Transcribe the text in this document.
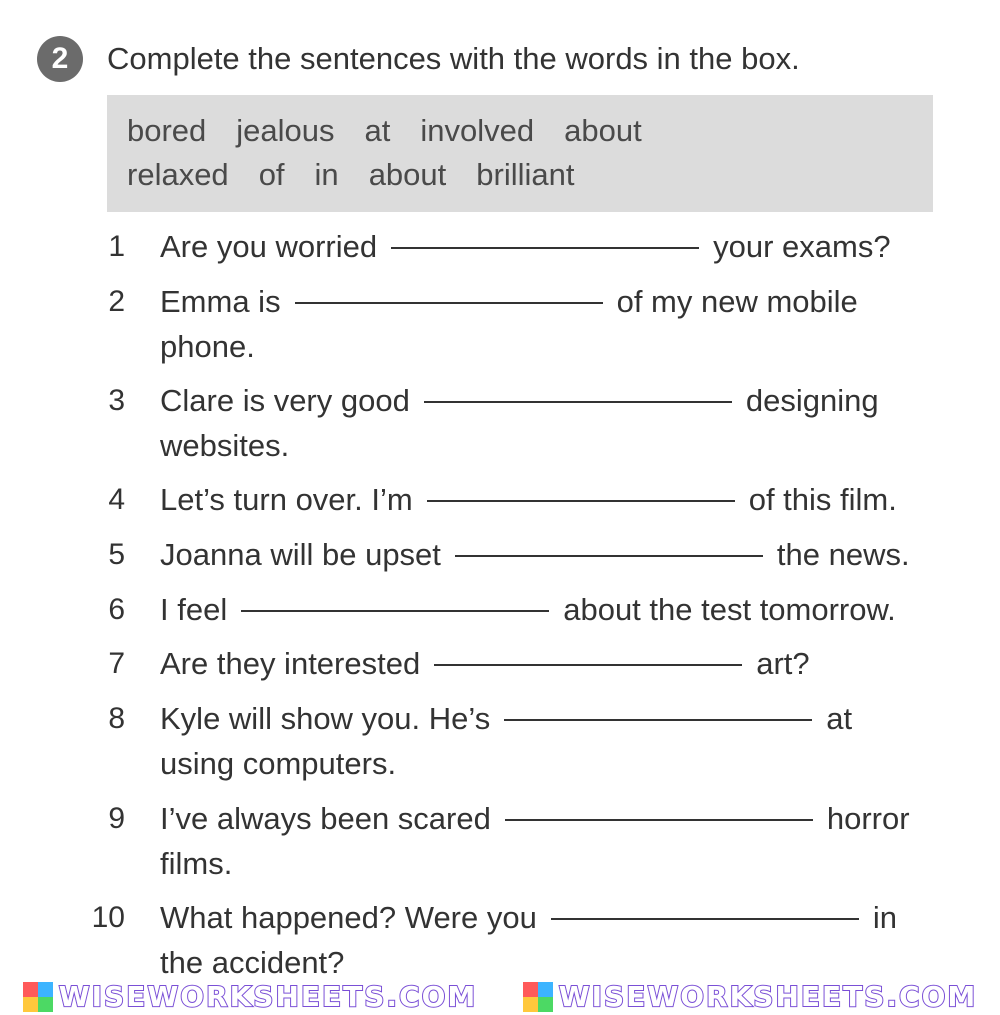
2	Complete the sentences with the words in the box.
bored jealous at involved about
relaxed of in about brilliant
1 Are you worried	your exams?
2 Emma is	of my new mobile
phone.
3 Clare is very good	designing
websites.
4 Let’s turn over. I’m	of this film.
5 Joanna will be upset	the news.
6 I feel	about the test tomorrow.
7 Are they interested	art?
8 Kyle will show you. He’s	at
using computers.
9 I’ve always been scared	horror
films.
10 What happened? Were you	in
the accident?
WISEWORKSHEETS.COM	WISEWORKSHEETS.COM
